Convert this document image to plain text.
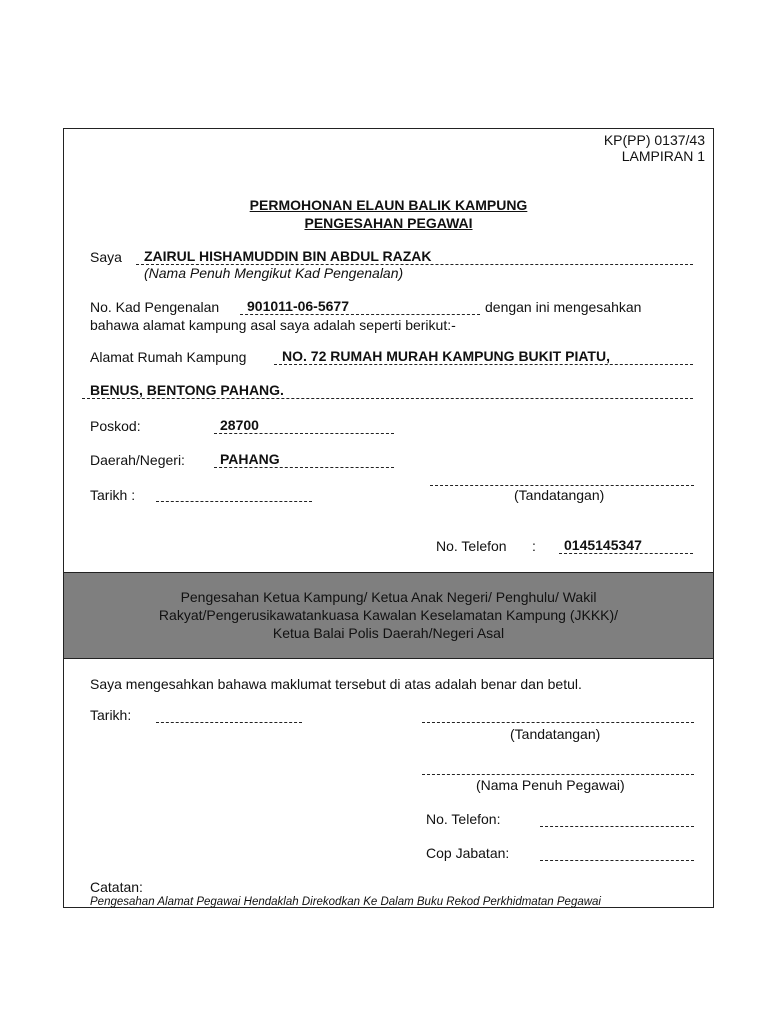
KP(PP) 0137/43
LAMPIRAN 1
PERMOHONAN ELAUN BALIK KAMPUNG
PENGESAHAN PEGAWAI
Saya ZAIRUL HISHAMUDDIN BIN ABDUL RAZAK
(Nama Penuh Mengikut Kad Pengenalan)
No. Kad Pengenalan 901011-06-5677	dengan ini mengesahkan
bahawa alamat kampung asal saya adalah seperti berikut:-
Alamat Rumah Kampung	NO. 72 RUMAH MURAH KAMPUNG BUKIT PIATU,
BENUS, BENTONG PAHANG.
Poskod:	28700
Daerah/Negeri:	PAHANG
Tarikh :	(Tandatangan)
No. Telefon : 0145145347
Pengesahan Ketua Kampung/ Ketua Anak Negeri/ Penghulu/ Wakil
Rakyat/Pengerusikawatankuasa Kawalan Keselamatan Kampung (JKKK)/
Ketua Balai Polis Daerah/Negeri Asal
Saya mengesahkan bahawa maklumat tersebut di atas adalah benar dan betul.
Tarikh:
(Tandatangan)
(Nama Penuh Pegawai)
No. Telefon:
Cop Jabatan:
Catatan:
Pengesahan Alamat Pegawai Hendaklah Direkodkan Ke Dalam Buku Rekod Perkhidmatan Pegawai
